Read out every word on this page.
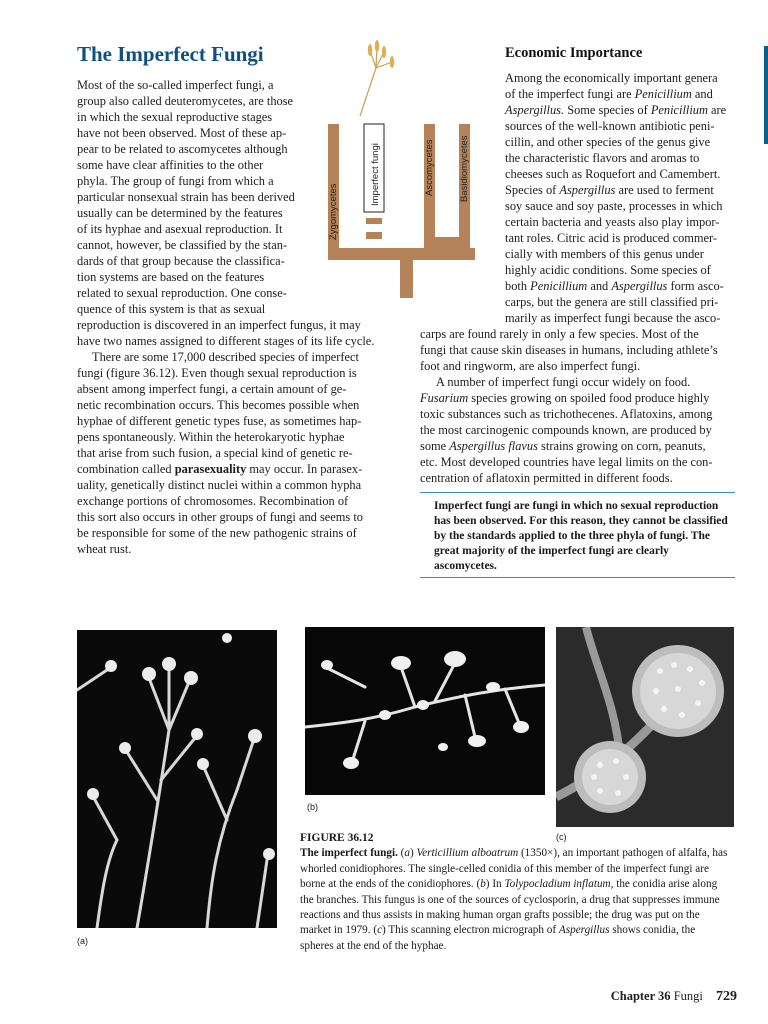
The Imperfect Fungi	Economic Importance
Most of the so-called imperfect fungi, a
group also called deuteromycetes, are those
in which the sexual reproductive stages
have not been observed. Most of these ap-
pear to be related to ascomycetes although
some have clear affinities to the other
phyla. The group of fungi from which a
particular nonsexual strain has been derived
usually can be determined by the features
of its hyphae and asexual reproduction. It
cannot, however, be classified by the stan-
dards of that group because the classifica-
tion systems are based on the features
related to sexual reproduction. One conse-
quence of this system is that as sexual
reproduction is discovered in an imperfect fungus, it may
have two names assigned to different stages of its life cycle.
There are some 17,000 described species of imperfect
fungi (figure 36.12). Even though sexual reproduction is
absent among imperfect fungi, a certain amount of ge-
netic recombination occurs. This becomes possible when
hyphae of different genetic types fuse, as sometimes hap-
pens spontaneously. Within the heterokaryotic hyphae
that arise from such fusion, a special kind of genetic re-
combination called parasexuality may occur. In parasex-
uality, genetically distinct nuclei within a common hypha
exchange portions of chromosomes. Recombination of
this sort also occurs in other groups of fungi and seems to
be responsible for some of the new pathogenic strains of
wheat rust.
Zygomycetes
Imperfect fungi	Ascomycetes	Basidiomycetes
Among the economically important genera
of the imperfect fungi are Penicillium and
Aspergillus. Some species of Penicillium are
sources of the well-known antibiotic peni-
cillin, and other species of the genus give
the characteristic flavors and aromas to
cheeses such as Roquefort and Camembert.
Species of Aspergillus are used to ferment
soy sauce and soy paste, processes in which
certain bacteria and yeasts also play impor-
tant roles. Citric acid is produced commer-
cially with members of this genus under
highly acidic conditions. Some species of
both Penicillium and Aspergillus form asco-
carps, but the genera are still classified pri-
marily as imperfect fungi because the asco-
carps are found rarely in only a few species. Most of the
fungi that cause skin diseases in humans, including athlete’s
foot and ringworm, are also imperfect fungi.
A number of imperfect fungi occur widely on food.
Fusarium species growing on spoiled food produce highly
toxic substances such as trichothecenes. Aflatoxins, among
the most carcinogenic compounds known, are produced by
some Aspergillus flavus strains growing on corn, peanuts,
etc. Most developed countries have legal limits on the con-
centration of aflatoxin permitted in different foods.
Imperfect fungi are fungi in which no sexual reproduction has been observed. For this reason, they cannot be classified by the standards applied to the three phyla of fungi. The great majority of the imperfect fungi are clearly ascomycetes.
(a)
(b)
(c)
FIGURE 36.12
The imperfect fungi. (a) Verticillium alboatrum (1350×), an important pathogen of alfalfa, has whorled conidiophores. The single-celled conidia of this member of the imperfect fungi are borne at the ends of the conidiophores. (b) In Tolypocladium inflatum, the conidia arise along the branches. This fungus is one of the sources of cyclosporin, a drug that suppresses immune reactions and thus assists in making human organ grafts possible; the drug was put on the market in 1979. (c) This scanning electron micrograph of Aspergillus shows conidia, the spheres at the end of the hyphae.
Chapter 36 Fungi 729
